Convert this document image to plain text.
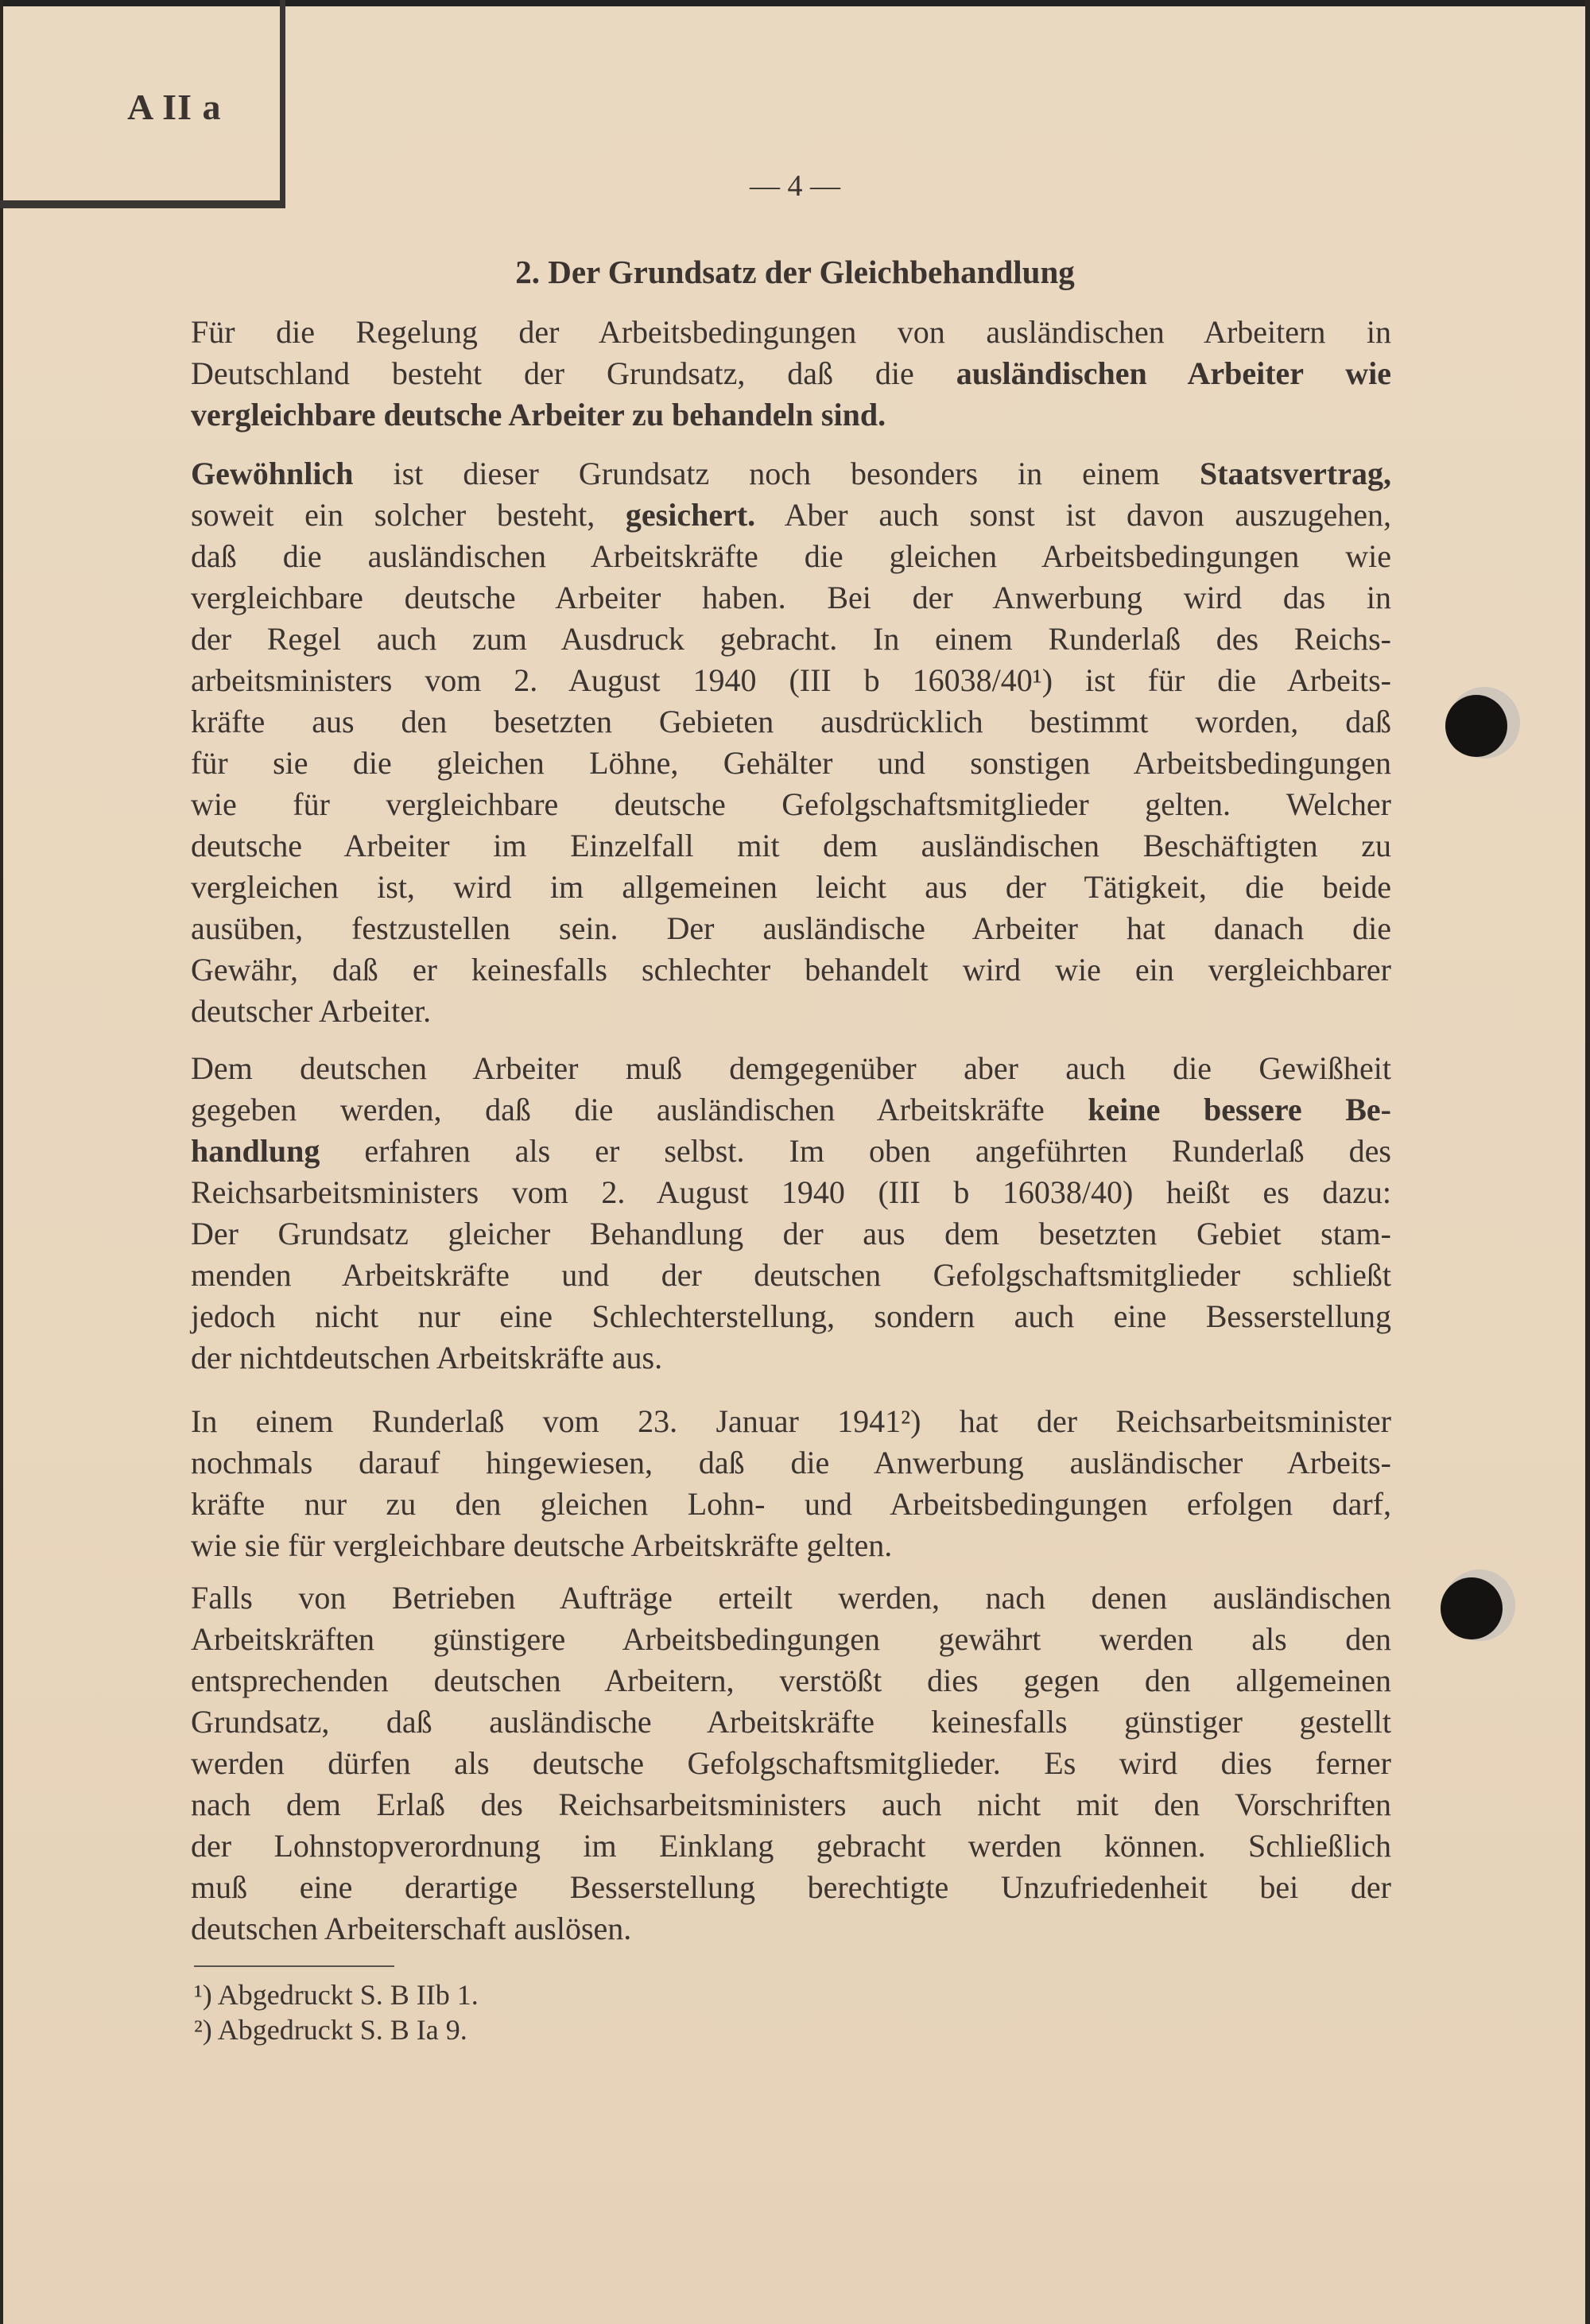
A II a
— 4 —
2. Der Grundsatz der Gleichbehandlung
Für die Regelung der Arbeitsbedingungen von ausländischen Arbeitern in
Deutschland besteht der Grundsatz, daß die ausländischen Arbeiter wie
vergleichbare deutsche Arbeiter zu behandeln sind.
Gewöhnlich ist dieser Grundsatz noch besonders in einem Staatsvertrag,
soweit ein solcher besteht, gesichert. Aber auch sonst ist davon auszugehen,
daß die ausländischen Arbeitskräfte die gleichen Arbeitsbedingungen wie
vergleichbare deutsche Arbeiter haben. Bei der Anwerbung wird das in
der Regel auch zum Ausdruck gebracht. In einem Runderlaß des Reichs-
arbeitsministers vom 2. August 1940 (III b 16038/40¹) ist für die Arbeits-
kräfte aus den besetzten Gebieten ausdrücklich bestimmt worden, daß
für sie die gleichen Löhne, Gehälter und sonstigen Arbeitsbedingungen
wie für vergleichbare deutsche Gefolgschaftsmitglieder gelten. Welcher
deutsche Arbeiter im Einzelfall mit dem ausländischen Beschäftigten zu
vergleichen ist, wird im allgemeinen leicht aus der Tätigkeit, die beide
ausüben, festzustellen sein. Der ausländische Arbeiter hat danach die
Gewähr, daß er keinesfalls schlechter behandelt wird wie ein vergleichbarer
deutscher Arbeiter.
Dem deutschen Arbeiter muß demgegenüber aber auch die Gewißheit
gegeben werden, daß die ausländischen Arbeitskräfte keine bessere Be-
handlung erfahren als er selbst. Im oben angeführten Runderlaß des
Reichsarbeitsministers vom 2. August 1940 (III b 16038/40) heißt es dazu:
Der Grundsatz gleicher Behandlung der aus dem besetzten Gebiet stam-
menden Arbeitskräfte und der deutschen Gefolgschaftsmitglieder schließt
jedoch nicht nur eine Schlechterstellung, sondern auch eine Besserstellung
der nichtdeutschen Arbeitskräfte aus.
In einem Runderlaß vom 23. Januar 1941²) hat der Reichsarbeitsminister
nochmals darauf hingewiesen, daß die Anwerbung ausländischer Arbeits-
kräfte nur zu den gleichen Lohn- und Arbeitsbedingungen erfolgen darf,
wie sie für vergleichbare deutsche Arbeitskräfte gelten.
Falls von Betrieben Aufträge erteilt werden, nach denen ausländischen
Arbeitskräften günstigere Arbeitsbedingungen gewährt werden als den
entsprechenden deutschen Arbeitern, verstößt dies gegen den allgemeinen
Grundsatz, daß ausländische Arbeitskräfte keinesfalls günstiger gestellt
werden dürfen als deutsche Gefolgschaftsmitglieder. Es wird dies ferner
nach dem Erlaß des Reichsarbeitsministers auch nicht mit den Vorschriften
der Lohnstopverordnung im Einklang gebracht werden können. Schließlich
muß eine derartige Besserstellung berechtigte Unzufriedenheit bei der
deutschen Arbeiterschaft auslösen.
¹) Abgedruckt S. B IIb 1.
²) Abgedruckt S. B Ia 9.
